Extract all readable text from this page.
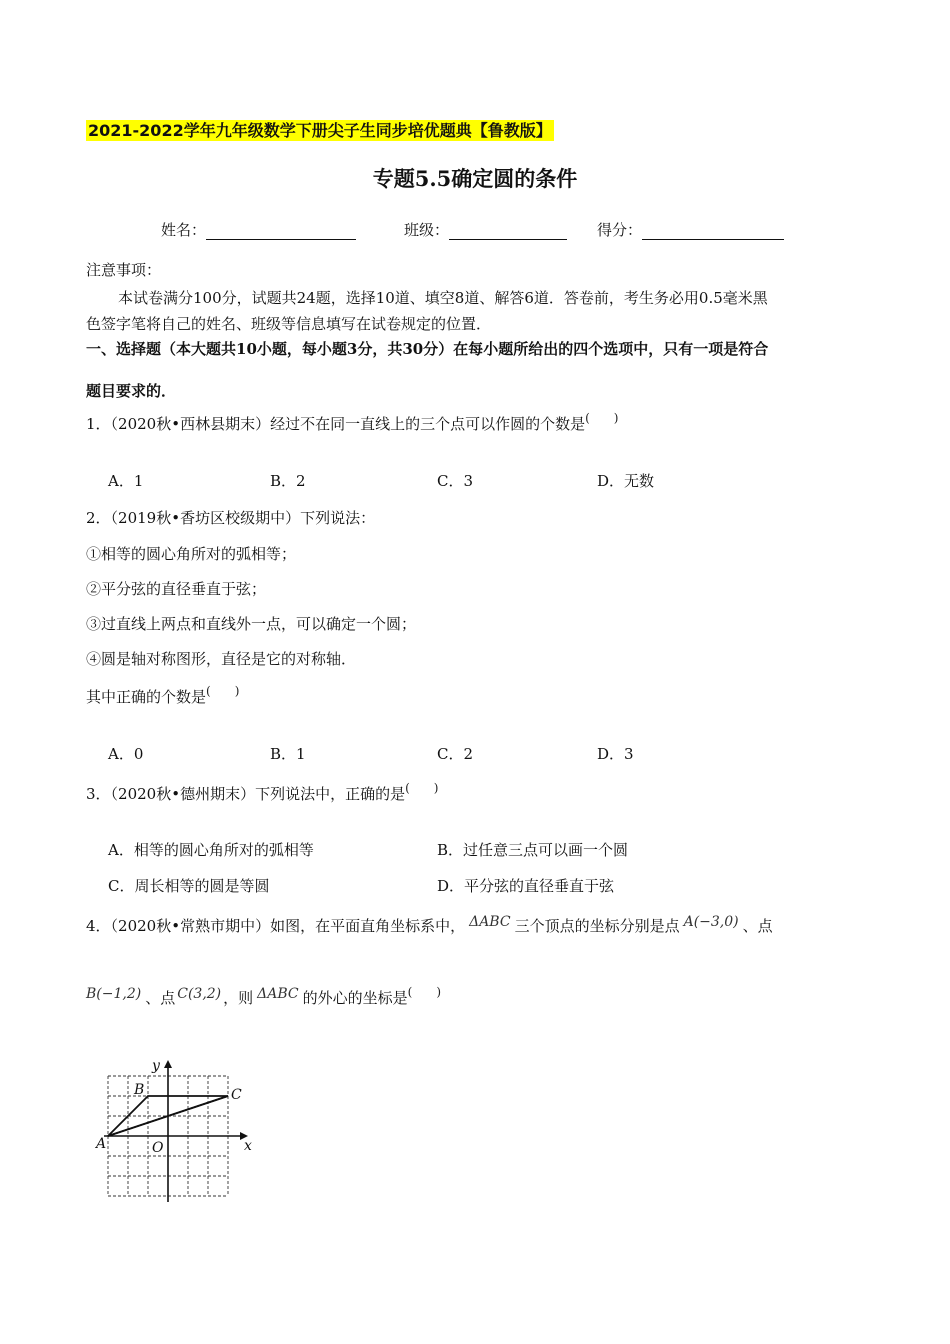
2021-2022学年九年级数学下册尖子生同步培优题典【鲁教版】
专题5.5确定圆的条件
姓名：	班级：	得分：
注意事项：
本试卷满分100分，试题共24题，选择10道、填空8道、解答6道．答卷前，考生务必用0.5毫米黑
色签字笔将自己的姓名、班级等信息填写在试卷规定的位置．
一、选择题（本大题共10小题，每小题3分，共30分）在每小题所给出的四个选项中，只有一项是符合
题目要求的．
1．（2020秋•西林县期末）经过不在同一直线上的三个点可以作圆的个数是(　　)
A．1	B．2	C．3	D．无数
2．（2019秋•香坊区校级期中）下列说法：
①相等的圆心角所对的弧相等；
②平分弦的直径垂直于弦；
③过直线上两点和直线外一点，可以确定一个圆；
④圆是轴对称图形，直径是它的对称轴．
其中正确的个数是(　　)
A．0	B．1	C．2	D．3
3．（2020秋•德州期末）下列说法中，正确的是(　　)
A．相等的圆心角所对的弧相等	B．过任意三点可以画一个圆
C．周长相等的圆是等圆	D．平分弦的直径垂直于弦
4．（2020秋•常熟市期中）如图，在平面直角坐标系中， ΔABC 三个顶点的坐标分别是点 A(−3,0) 、点
B(−1,2) 、点 C(3,2) ，则 ΔABC 的外心的坐标是(　　)
A
B	C
O	x
y
